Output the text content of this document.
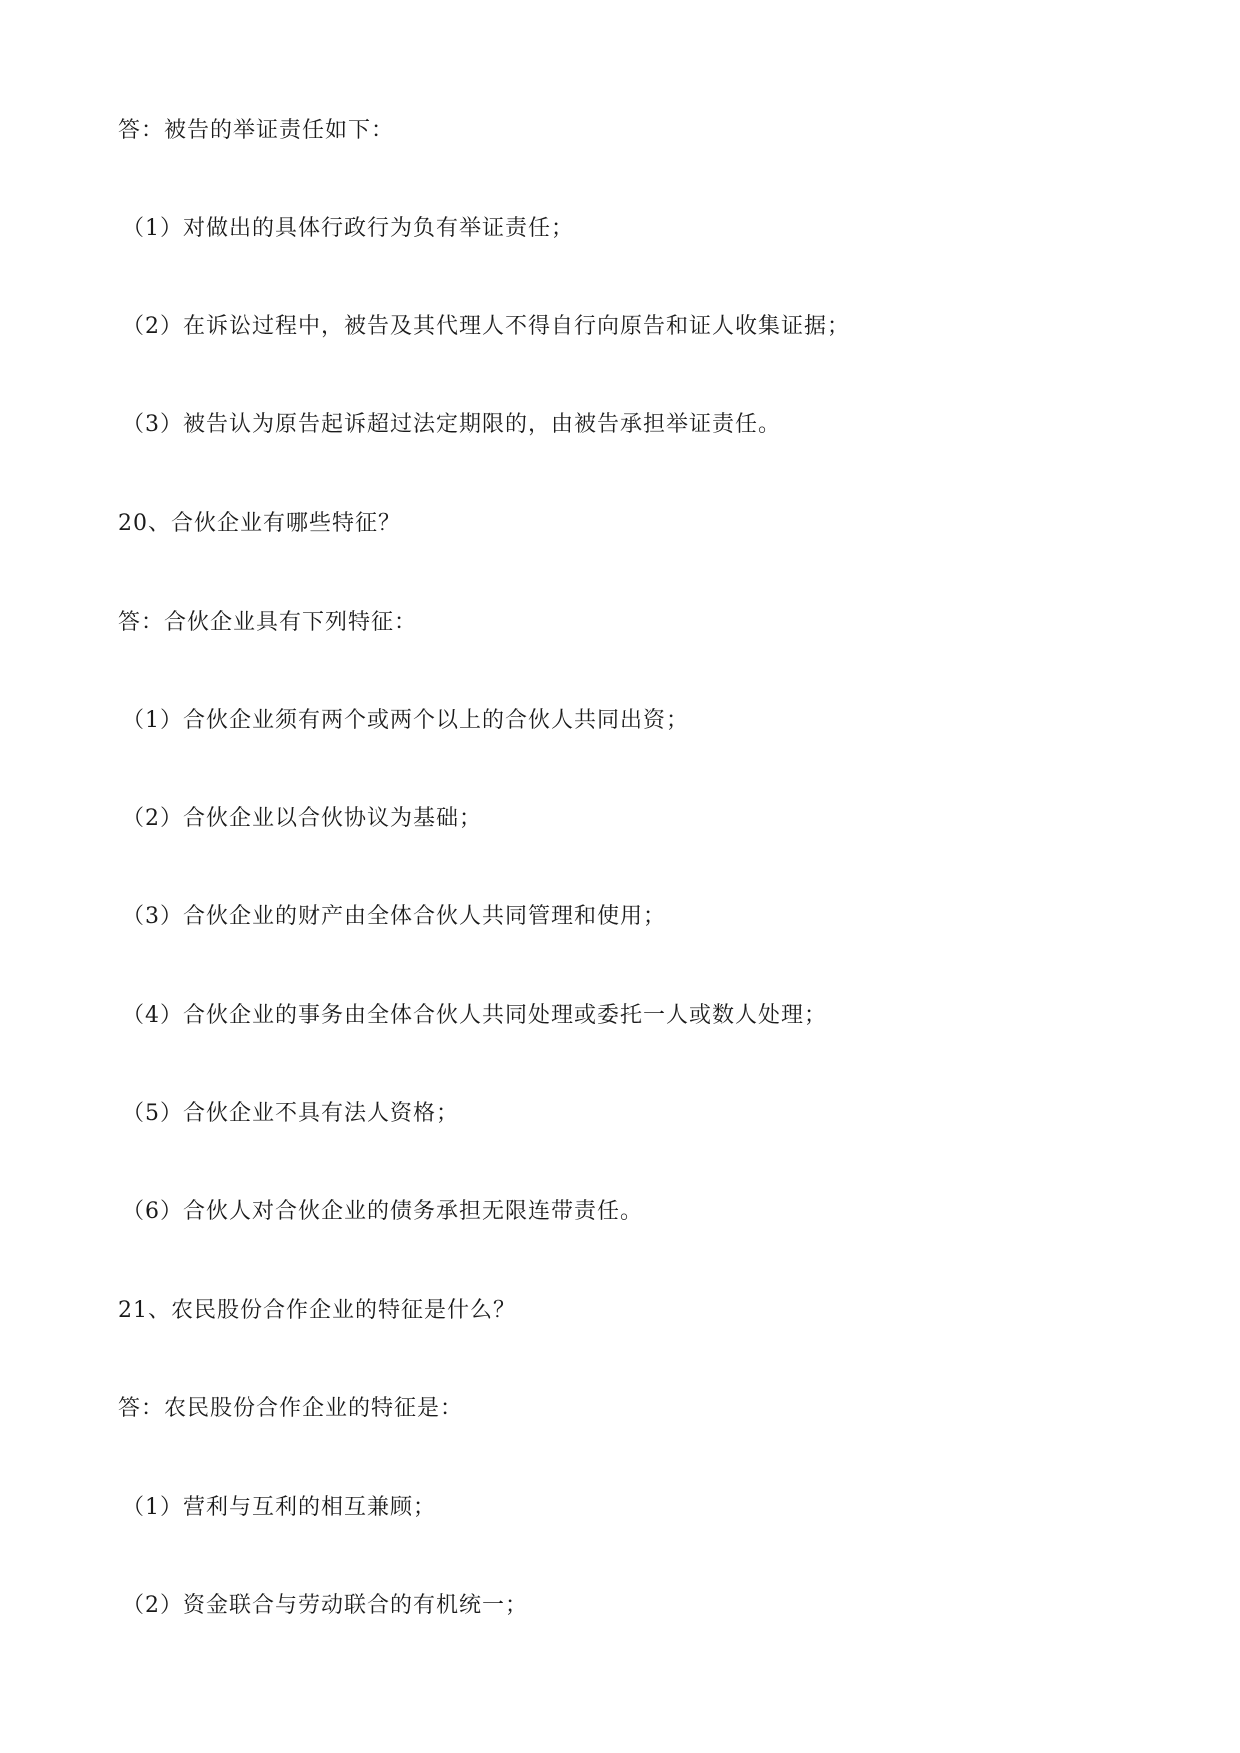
答：被告的举证责任如下：
（1）对做出的具体行政行为负有举证责任；
（2）在诉讼过程中，被告及其代理人不得自行向原告和证人收集证据；
（3）被告认为原告起诉超过法定期限的，由被告承担举证责任。
20、合伙企业有哪些特征？
答：合伙企业具有下列特征：
（1）合伙企业须有两个或两个以上的合伙人共同出资；
（2）合伙企业以合伙协议为基础；
（3）合伙企业的财产由全体合伙人共同管理和使用；
（4）合伙企业的事务由全体合伙人共同处理或委托一人或数人处理；
（5）合伙企业不具有法人资格；
（6）合伙人对合伙企业的债务承担无限连带责任。
21、农民股份合作企业的特征是什么？
答：农民股份合作企业的特征是：
（1）营利与互利的相互兼顾；
（2）资金联合与劳动联合的有机统一；
